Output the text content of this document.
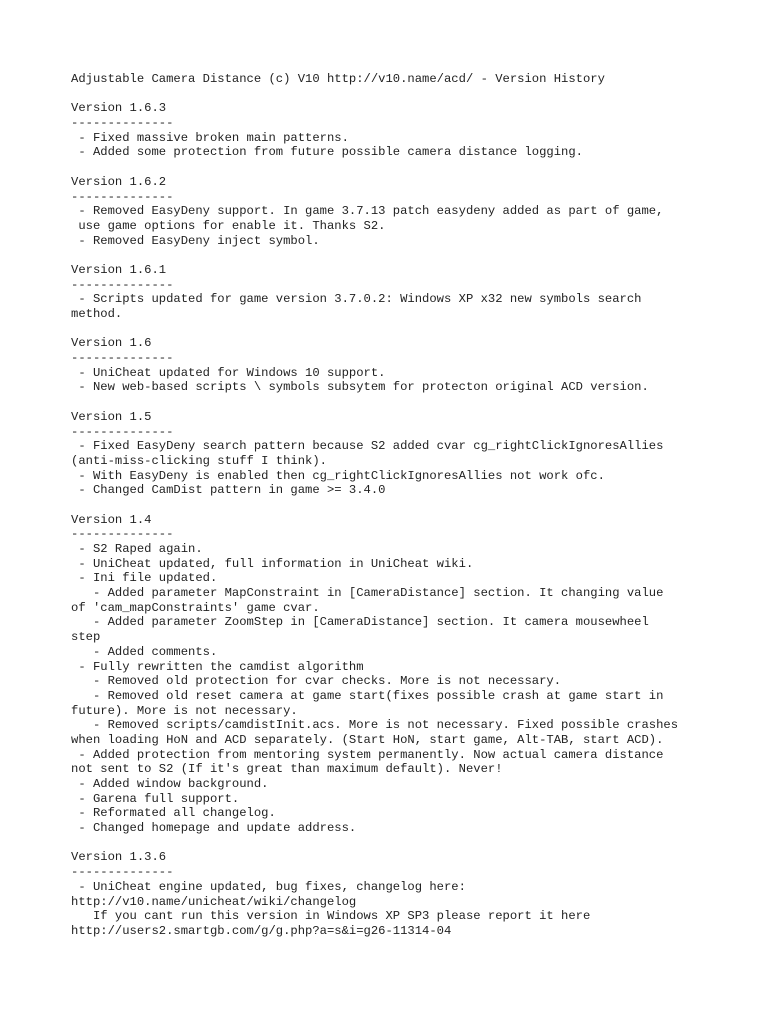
Adjustable Camera Distance (c) V10 http://v10.name/acd/ - Version History
Version 1.6.3
--------------
- Fixed massive broken main patterns.
- Added some protection from future possible camera distance logging.
Version 1.6.2
--------------
- Removed EasyDeny support. In game 3.7.13 patch easydeny added as part of game,
use game options for enable it. Thanks S2.
- Removed EasyDeny inject symbol.
Version 1.6.1
--------------
- Scripts updated for game version 3.7.0.2: Windows XP x32 new symbols search
method.
Version 1.6
--------------
- UniCheat updated for Windows 10 support.
- New web-based scripts \ symbols subsytem for protecton original ACD version.
Version 1.5
--------------
- Fixed EasyDeny search pattern because S2 added cvar cg_rightClickIgnoresAllies
(anti-miss-clicking stuff I think).
- With EasyDeny is enabled then cg_rightClickIgnoresAllies not work ofc.
- Changed CamDist pattern in game >= 3.4.0
Version 1.4
--------------
- S2 Raped again.
- UniCheat updated, full information in UniCheat wiki.
- Ini file updated.
- Added parameter MapConstraint in [CameraDistance] section. It changing value
of 'cam_mapConstraints' game cvar.
- Added parameter ZoomStep in [CameraDistance] section. It camera mousewheel
step
- Added comments.
- Fully rewritten the camdist algorithm
- Removed old protection for cvar checks. More is not necessary.
- Removed old reset camera at game start(fixes possible crash at game start in
future). More is not necessary.
- Removed scripts/camdistInit.acs. More is not necessary. Fixed possible crashes
when loading HoN and ACD separately. (Start HoN, start game, Alt-TAB, start ACD).
- Added protection from mentoring system permanently. Now actual camera distance
not sent to S2 (If it's great than maximum default). Never!
- Added window background.
- Garena full support.
- Reformated all changelog.
- Changed homepage and update address.
Version 1.3.6
--------------
- UniCheat engine updated, bug fixes, changelog here:
http://v10.name/unicheat/wiki/changelog
If you cant run this version in Windows XP SP3 please report it here
http://users2.smartgb.com/g/g.php?a=s&i=g26-11314-04
